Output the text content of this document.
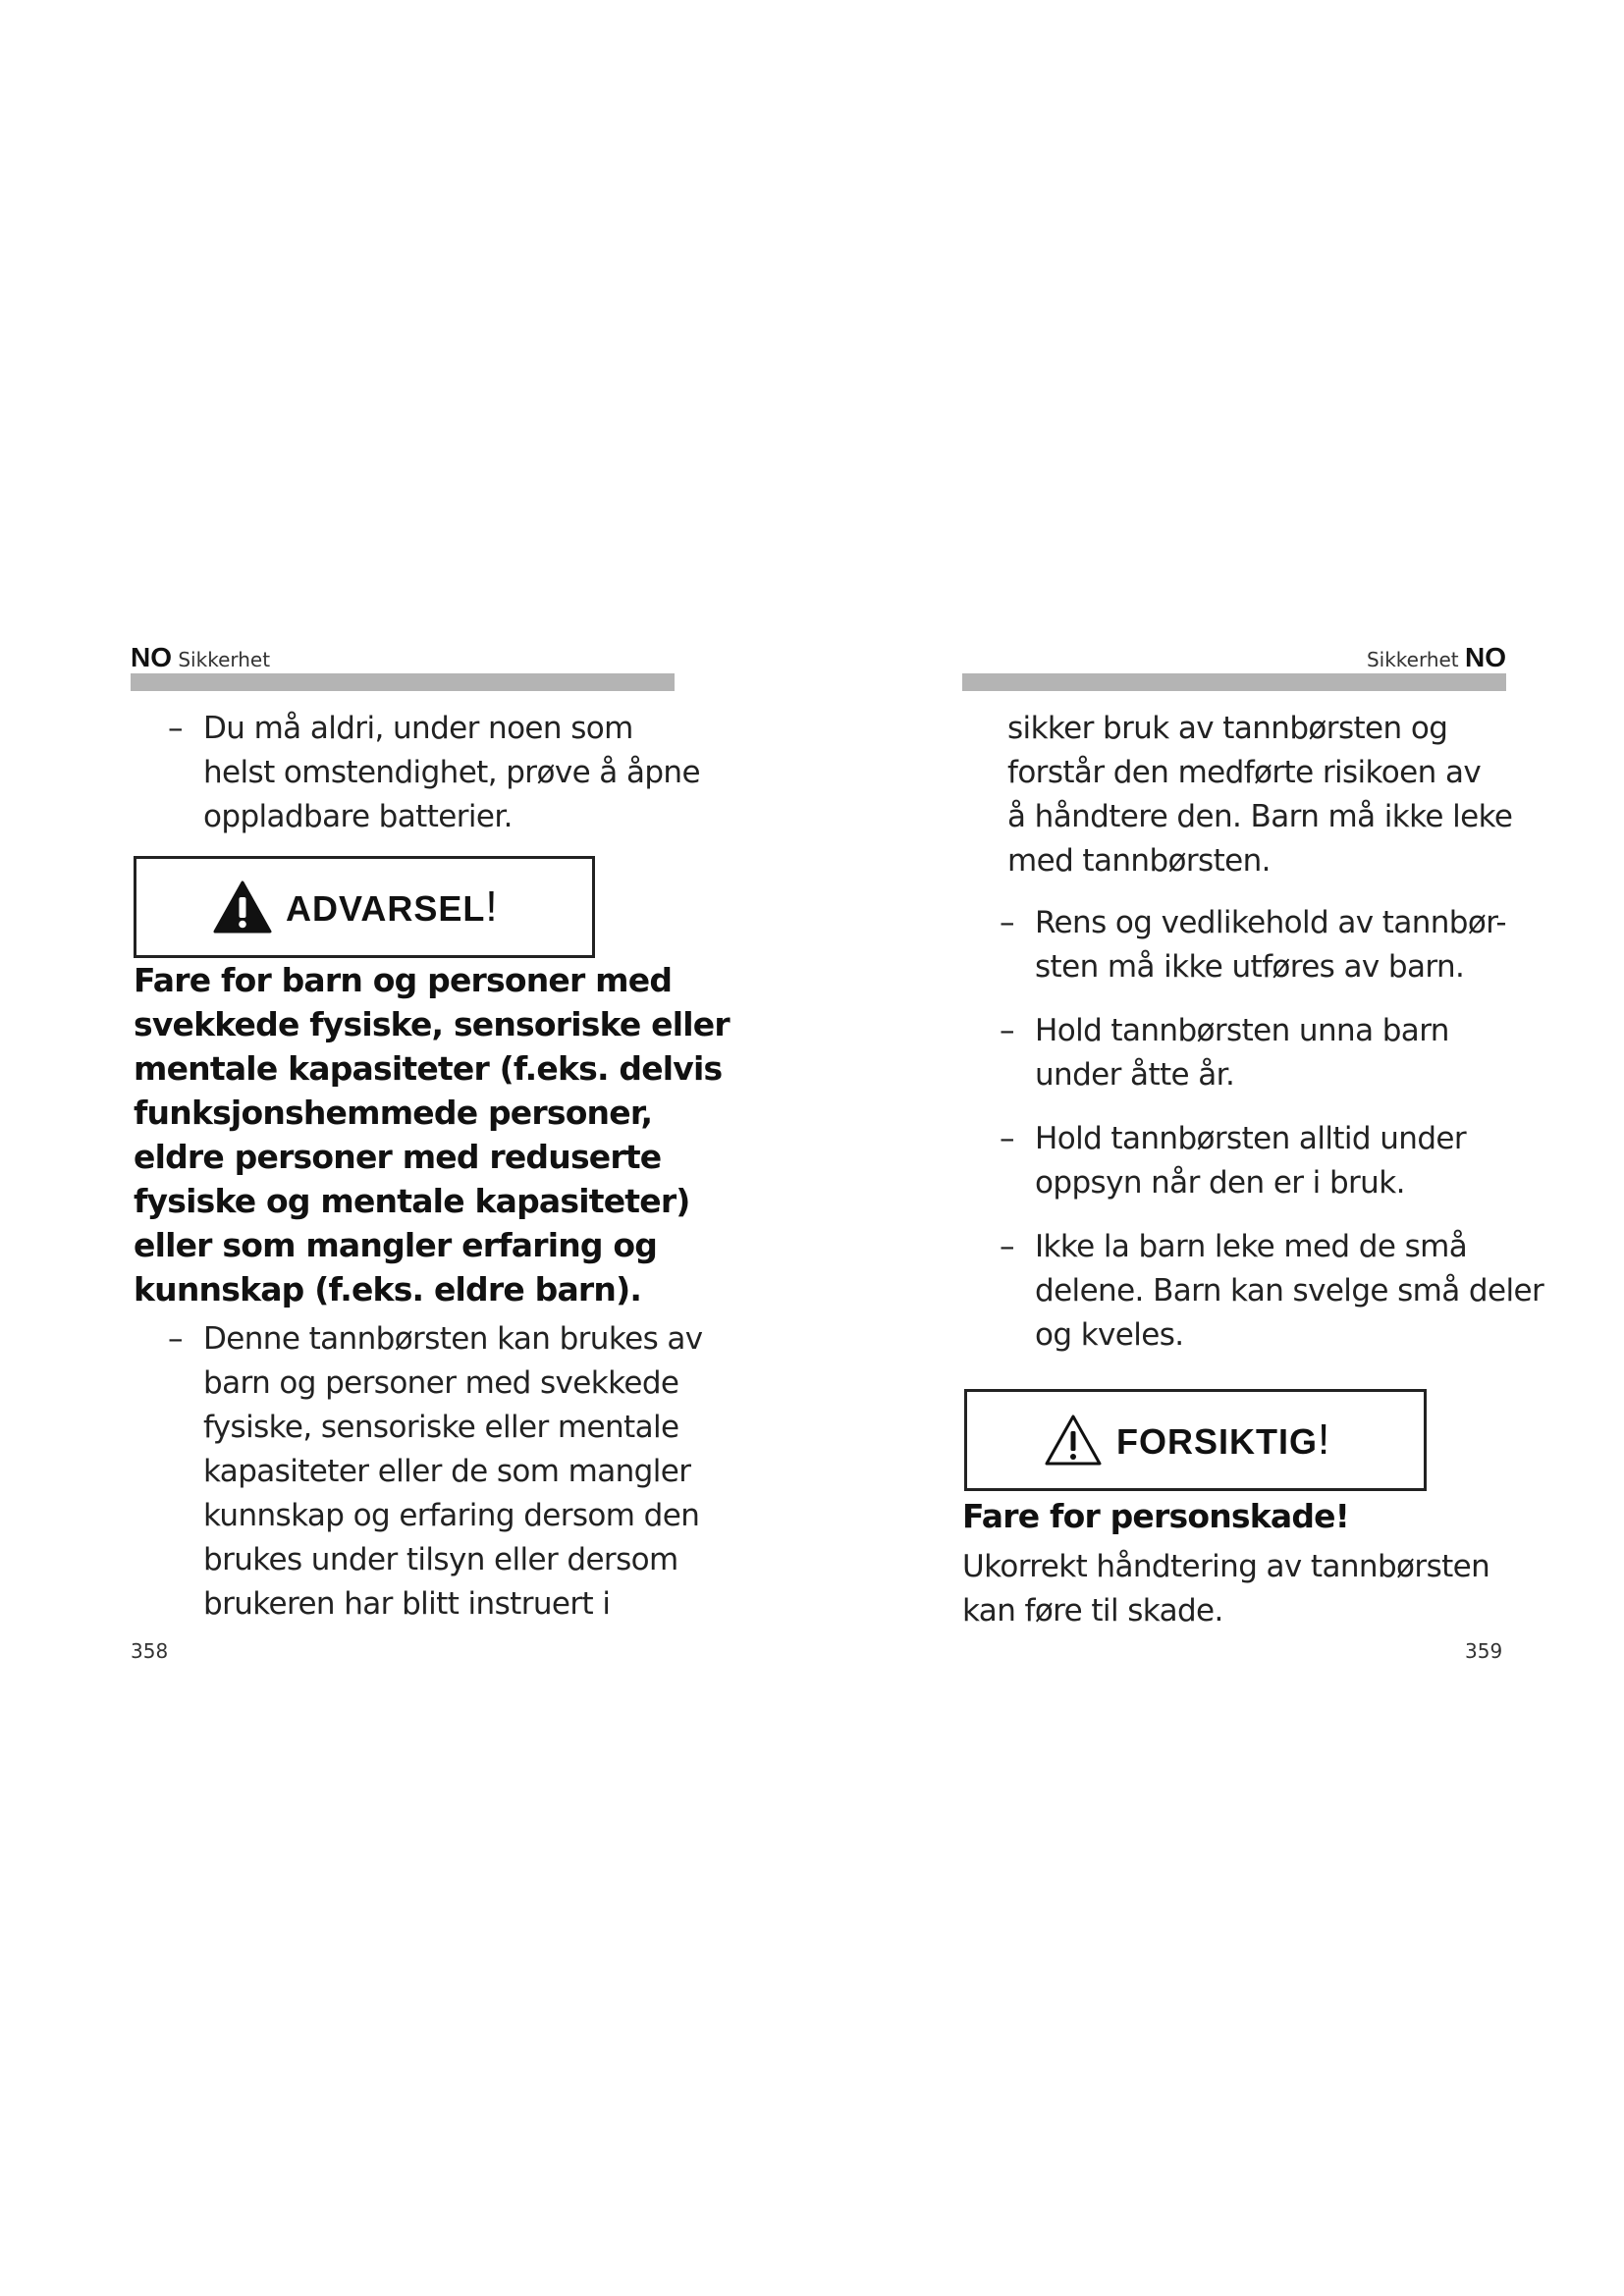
NO Sikkerhet
– Du må aldri, under noen som
helst omstendighet, prøve å åpne
oppladbare batterier.
ADVARSEL!
Fare for barn og personer med
svekkede fysiske, sensoriske eller
mentale kapasiteter (f.eks. delvis
funksjonshemmede personer,
eldre personer med reduserte
fysiske og mentale kapasiteter)
eller som mangler erfaring og
kunnskap (f.eks. eldre barn).
– Denne tannbørsten kan brukes av
barn og personer med svekkede
fysiske, sensoriske eller mentale
kapasiteter eller de som mangler
kunnskap og erfaring dersom den
brukes under tilsyn eller dersom
brukeren har blitt instruert i
358
Sikkerhet NO
sikker bruk av tannbørsten og
forstår den medførte risikoen av
å håndtere den. Barn må ikke leke
med tannbørsten.
– Rens og vedlikehold av tannbør-
sten må ikke utføres av barn.
– Hold tannbørsten unna barn
under åtte år.
– Hold tannbørsten alltid under
oppsyn når den er i bruk.
– Ikke la barn leke med de små
delene. Barn kan svelge små deler
og kveles.
FORSIKTIG!
Fare for personskade!
Ukorrekt håndtering av tannbørsten
kan føre til skade.
359
